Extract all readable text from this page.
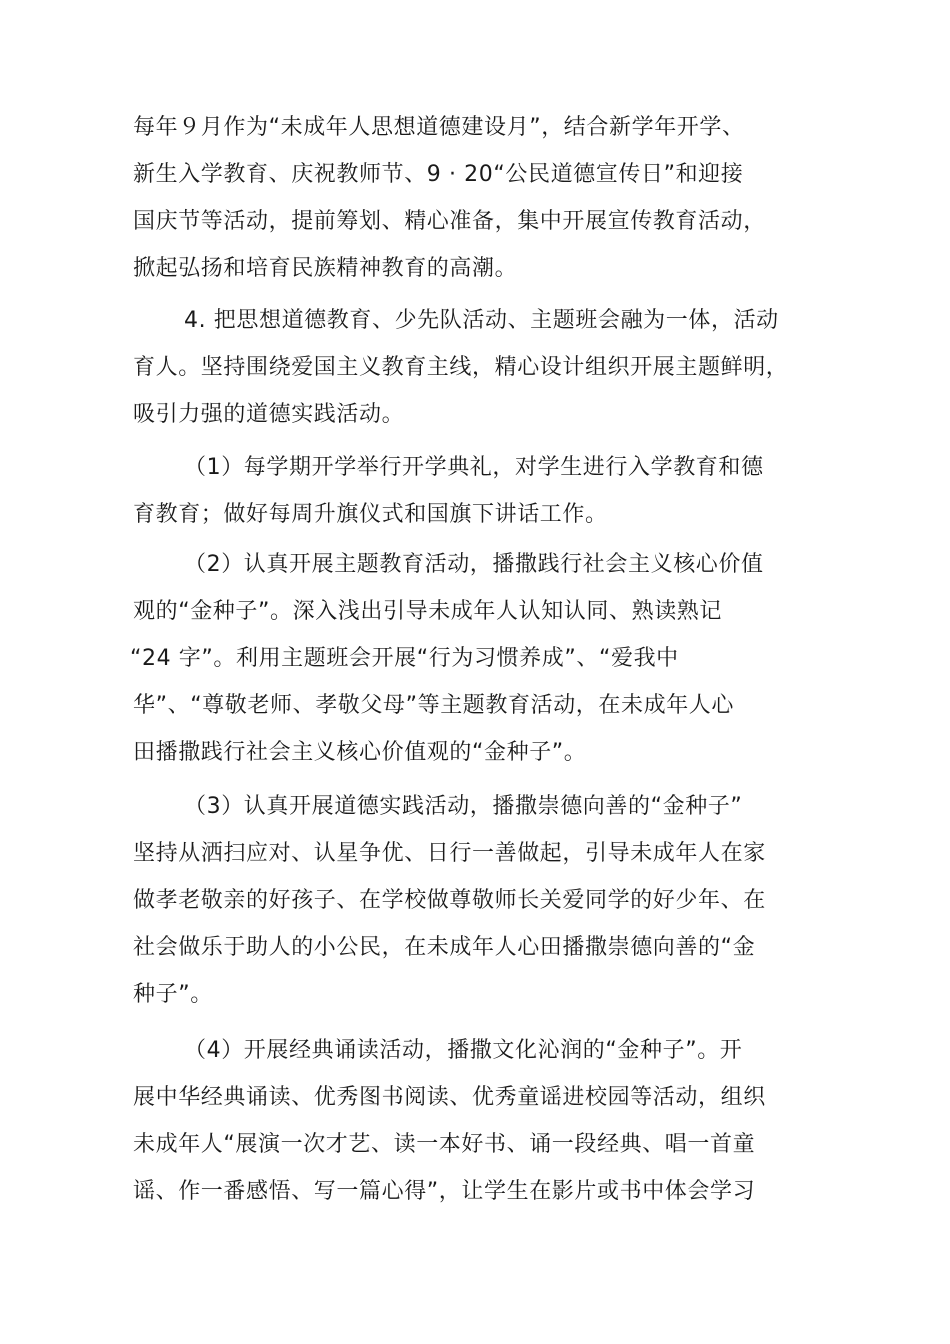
每年９月作为“未成年人思想道德建设月”，结合新学年开学、
新生入学教育、庆祝教师节、9 · 20“公民道德宣传日”和迎接
国庆节等活动，提前筹划、精心准备，集中开展宣传教育活动，
掀起弘扬和培育民族精神教育的高潮。
4. 把思想道德教育、少先队活动、主题班会融为一体，活动
育人。坚持围绕爱国主义教育主线，精心设计组织开展主题鲜明，
吸引力强的道德实践活动。
（1）每学期开学举行开学典礼，对学生进行入学教育和德
育教育；做好每周升旗仪式和国旗下讲话工作。
（2）认真开展主题教育活动，播撒践行社会主义核心价值
观的“金种子”。深入浅出引导未成年人认知认同、熟读熟记
“24 字”。利用主题班会开展“行为习惯养成”、“爱我中
华”、“尊敬老师、孝敬父母”等主题教育活动，在未成年人心
田播撒践行社会主义核心价值观的“金种子”。
（3）认真开展道德实践活动，播撒崇德向善的“金种子”
坚持从洒扫应对、认星争优、日行一善做起，引导未成年人在家
做孝老敬亲的好孩子、在学校做尊敬师长关爱同学的好少年、在
社会做乐于助人的小公民，在未成年人心田播撒崇德向善的“金
种子”。
（4）开展经典诵读活动，播撒文化沁润的“金种子”。开
展中华经典诵读、优秀图书阅读、优秀童谣进校园等活动，组织
未成年人“展演一次才艺、读一本好书、诵一段经典、唱一首童
谣、作一番感悟、写一篇心得”，让学生在影片或书中体会学习
